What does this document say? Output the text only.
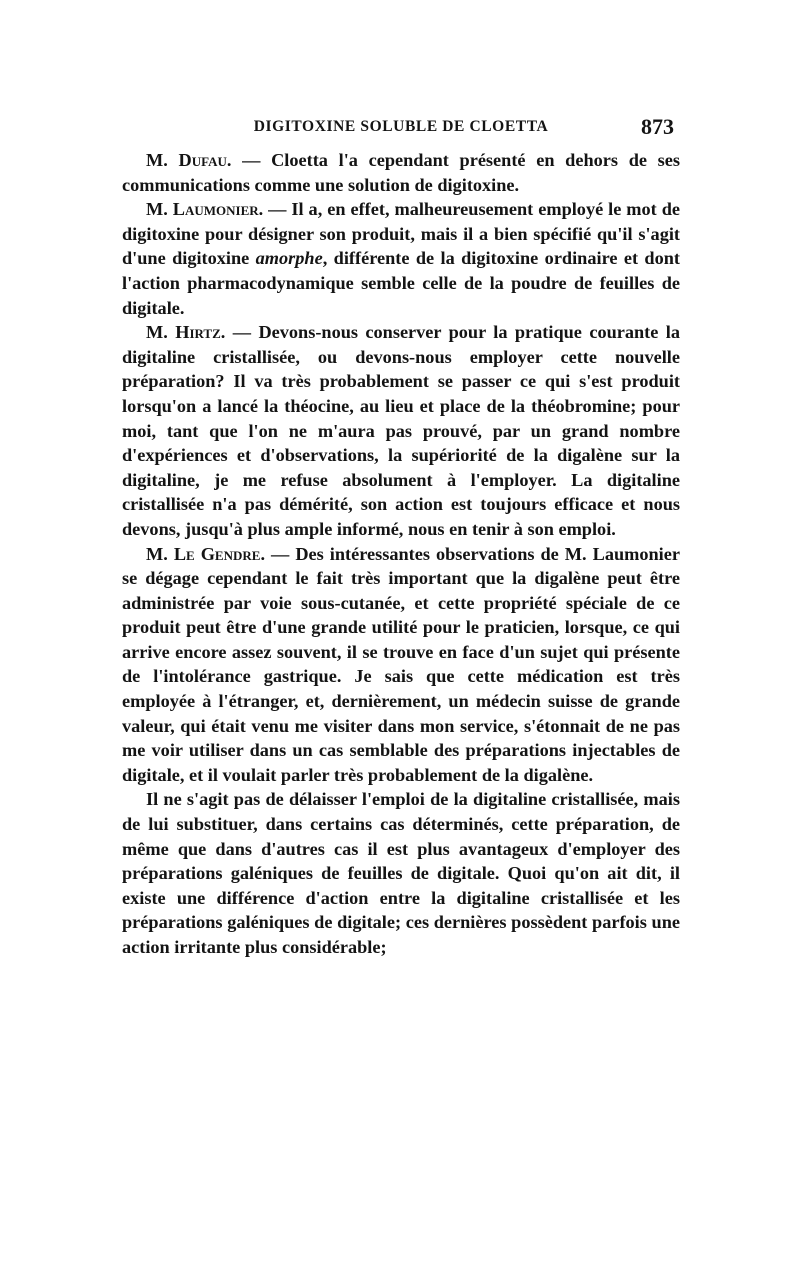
DIGITOXINE SOLUBLE DE CLOETTA	873

M. Dufau. — Cloetta l'a cependant présenté en dehors de ses communications comme une solution de digitoxine.

M. Laumonier. — Il a, en effet, malheureusement employé le mot de digitoxine pour désigner son produit, mais il a bien spécifié qu'il s'agit d'une digitoxine amorphe, différente de la digitoxine ordinaire et dont l'action pharmacodynamique semble celle de la poudre de feuilles de digitale.

M. Hirtz. — Devons-nous conserver pour la pratique courante la digitaline cristallisée, ou devons-nous employer cette nouvelle préparation? Il va très probablement se passer ce qui s'est produit lorsqu'on a lancé la théocine, au lieu et place de la théobromine; pour moi, tant que l'on ne m'aura pas prouvé, par un grand nombre d'expériences et d'observations, la supériorité de la digalène sur la digitaline, je me refuse absolument à l'employer. La digitaline cristallisée n'a pas démérité, son action est toujours efficace et nous devons, jusqu'à plus ample informé, nous en tenir à son emploi.

M. Le Gendre. — Des intéressantes observations de M. Laumonier se dégage cependant le fait très important que la digalène peut être administrée par voie sous-cutanée, et cette propriété spéciale de ce produit peut être d'une grande utilité pour le praticien, lorsque, ce qui arrive encore assez souvent, il se trouve en face d'un sujet qui présente de l'intolérance gastrique. Je sais que cette médication est très employée à l'étranger, et, dernièrement, un médecin suisse de grande valeur, qui était venu me visiter dans mon service, s'étonnait de ne pas me voir utiliser dans un cas semblable des préparations injectables de digitale, et il voulait parler très probablement de la digalène.

Il ne s'agit pas de délaisser l'emploi de la digitaline cristallisée, mais de lui substituer, dans certains cas déterminés, cette préparation, de même que dans d'autres cas il est plus avantageux d'employer des préparations galéniques de feuilles de digitale. Quoi qu'on ait dit, il existe une différence d'action entre la digitaline cristallisée et les préparations galéniques de digitale; ces dernières possèdent parfois une action irritante plus considérable;
